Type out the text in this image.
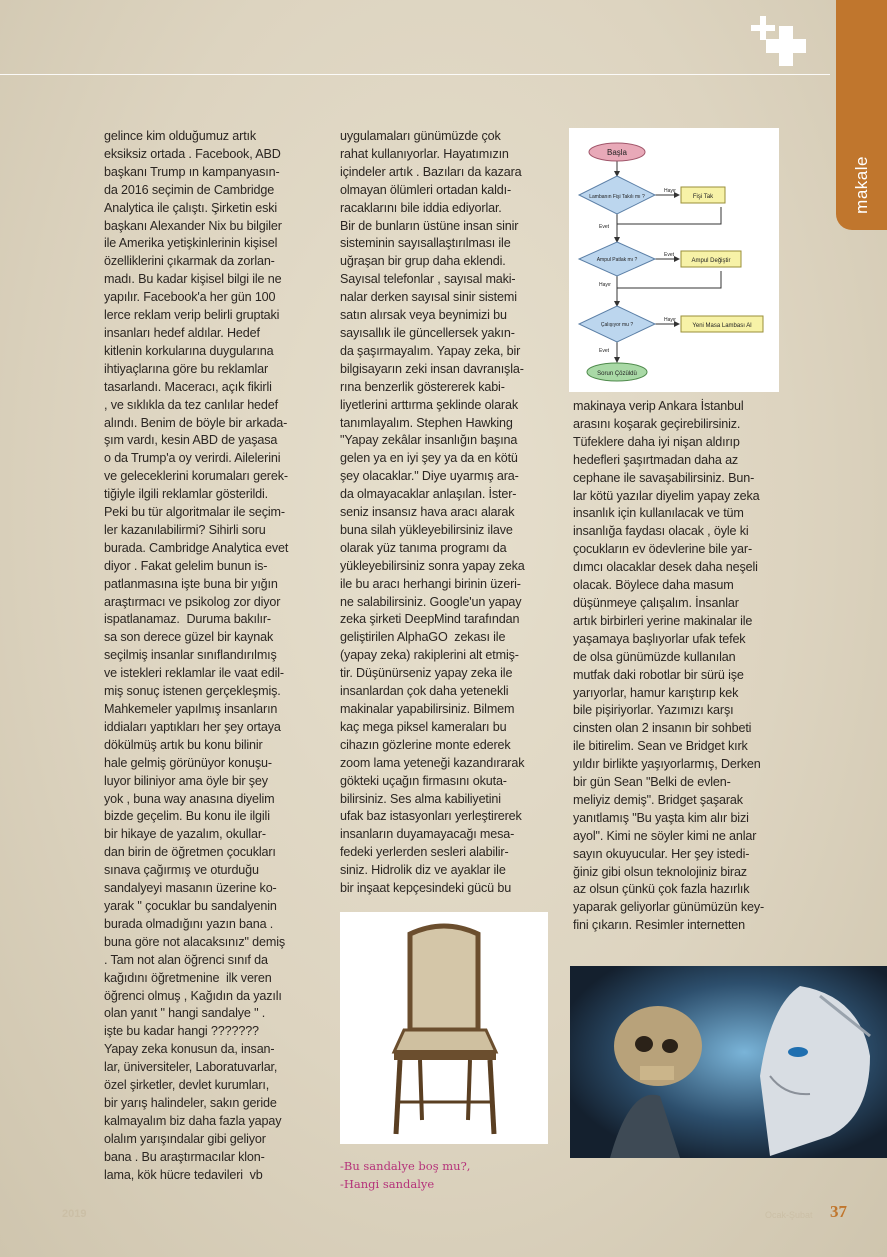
makale
gelince kim olduğumuz artık
eksiksiz ortada . Facebook, ABD
başkanı Trump ın kampanyasın-
da 2016 seçimin de Cambridge
Analytica ile çalıştı. Şirketin eski
başkanı Alexander Nix bu bilgiler
ile Amerika yetişkinlerinin kişisel
özelliklerini çıkarmak da zorlan-
madı. Bu kadar kişisel bilgi ile ne
yapılır. Facebook'a her gün 100
lerce reklam verip belirli gruptaki
insanları hedef aldılar. Hedef
kitlenin korkularına duygularına
ihtiyaçlarına göre bu reklamlar
tasarlandı. Maceracı, açık fikirli
, ve sıklıkla da tez canlılar hedef
alındı. Benim de böyle bir arkada-
şım vardı, kesin ABD de yaşasa
o da Trump'a oy verirdi. Ailelerini
ve geleceklerini korumaları gerek-
tiğiyle ilgili reklamlar gösterildi.
Peki bu tür algoritmalar ile seçim-
ler kazanılabilirmi? Sihirli soru
burada. Cambridge Analytica evet
diyor . Fakat gelelim bunun is-
patlanmasına işte buna bir yığın
araştırmacı ve psikolog zor diyor
ispatlanamaz.  Duruma bakılır-
sa son derece güzel bir kaynak
seçilmiş insanlar sınıflandırılmış
ve istekleri reklamlar ile vaat edil-
miş sonuç istenen gerçekleşmiş.
Mahkemeler yapılmış insanların
iddiaları yaptıkları her şey ortaya
dökülmüş artık bu konu bilinir
hale gelmiş görünüyor konuşu-
luyor biliniyor ama öyle bir şey
yok , buna way anasına diyelim
bizde geçelim. Bu konu ile ilgili
bir hikaye de yazalım, okullar-
dan birin de öğretmen çocukları
sınava çağırmış ve oturduğu
sandalyeyi masanın üzerine ko-
yarak " çocuklar bu sandalyenin
burada olmadığını yazın bana .
buna göre not alacaksınız" demiş
. Tam not alan öğrenci sınıf da
kağıdını öğretmenine  ilk veren
öğrenci olmuş , Kağıdın da yazılı
olan yanıt " hangi sandalye " .
işte bu kadar hangi ???????
Yapay zeka konusun da, insan-
lar, üniversiteler, Laboratuvarlar,
özel şirketler, devlet kurumları,
bir yarış halindeler, sakın geride
kalmayalım biz daha fazla yapay
olalım yarışındalar gibi geliyor
bana . Bu araştırmacılar klon-
lama, kök hücre tedavileri  vb
uygulamaları günümüzde çok
rahat kullanıyorlar. Hayatımızın
içindeler artık . Bazıları da kazara
olmayan ölümleri ortadan kaldı-
racaklarını bile iddia ediyorlar.
Bir de bunların üstüne insan sinir
sisteminin sayısallaştırılması ile
uğraşan bir grup daha eklendi.
Sayısal telefonlar , sayısal maki-
nalar derken sayısal sinir sistemi
satın alırsak veya beynimizi bu
sayısallık ile güncellersek yakın-
da şaşırmayalım. Yapay zeka, bir
bilgisayarın zeki insan davranışla-
rına benzerlik göstererek kabi-
liyetlerini arttırma şeklinde olarak
tanımlayalım. Stephen Hawking
"Yapay zekâlar insanlığın başına
gelen ya en iyi şey ya da en kötü
şey olacaklar." Diye uyarmış ara-
da olmayacaklar anlaşılan. İster-
seniz insansız hava aracı alarak
buna silah yükleyebilirsiniz ilave
olarak yüz tanıma programı da
yükleyebilirsiniz sonra yapay zeka
ile bu aracı herhangi birinin üzeri-
ne salabilirsiniz. Google'un yapay
zeka şirketi DeepMind tarafından
geliştirilen AlphaGO  zekası ile
(yapay zeka) rakiplerini alt etmiş-
tir. Düşünürseniz yapay zeka ile
insanlardan çok daha yetenekli
makinalar yapabilirsiniz. Bilmem
kaç mega piksel kameraları bu
cihazın gözlerine monte ederek
zoom lama yeteneği kazandırarak
gökteki uçağın firmasını okuta-
bilirsiniz. Ses alma kabiliyetini
ufak baz istasyonları yerleştirerek
insanların duyamayacağı mesa-
fedeki yerlerden sesleri alabilir-
siniz. Hidrolik diz ve ayaklar ile
bir inşaat kepçesindeki gücü bu
makinaya verip Ankara İstanbul
arasını koşarak geçirebilirsiniz.
Tüfeklere daha iyi nişan aldırıp
hedefleri şaşırtmadan daha az
cephane ile savaşabilirsiniz. Bun-
lar kötü yazılar diyelim yapay zeka
insanlık için kullanılacak ve tüm
insanlığa faydası olacak , öyle ki
çocukların ev ödevlerine bile yar-
dımcı olacaklar desek daha neşeli
olacak. Böylece daha masum
düşünmeye çalışalım. İnsanlar
artık birbirleri yerine makinalar ile
yaşamaya başlıyorlar ufak tefek
de olsa günümüzde kullanılan
mutfak daki robotlar bir sürü işe
yarıyorlar, hamur karıştırıp kek
bile pişiriyorlar. Yazımızı karşı
cinsten olan 2 insanın bir sohbeti
ile bitirelim. Sean ve Bridget kırk
yıldır birlikte yaşıyorlarmış, Derken
bir gün Sean "Belki de evlen-
meliyiz demiş". Bridget şaşarak
yanıtlamış "Bu yaşta kim alır bizi
ayol". Kimi ne söyler kimi ne anlar
sayın okuyucular. Her şey istedi-
ğiniz gibi olsun teknolojiniz biraz
az olsun çünkü çok fazla hazırlık
yaparak geliyorlar günümüzün key-
fini çıkarın. Resimler internetten
Başla
Lambanın Fişi Takılı mı ?	Fişi Tak
Hayır
Evet
Ampul Patlak mı ?	Ampul Değiştir
Evet
Hayır
Çalışıyor mu ?	Yeni Masa Lambası Al
Hayır
Evet
Sorun Çözüldü
-Bu sandalye boş mu?,
-Hangi sandalye
2019	Ocak-Şubat 37
